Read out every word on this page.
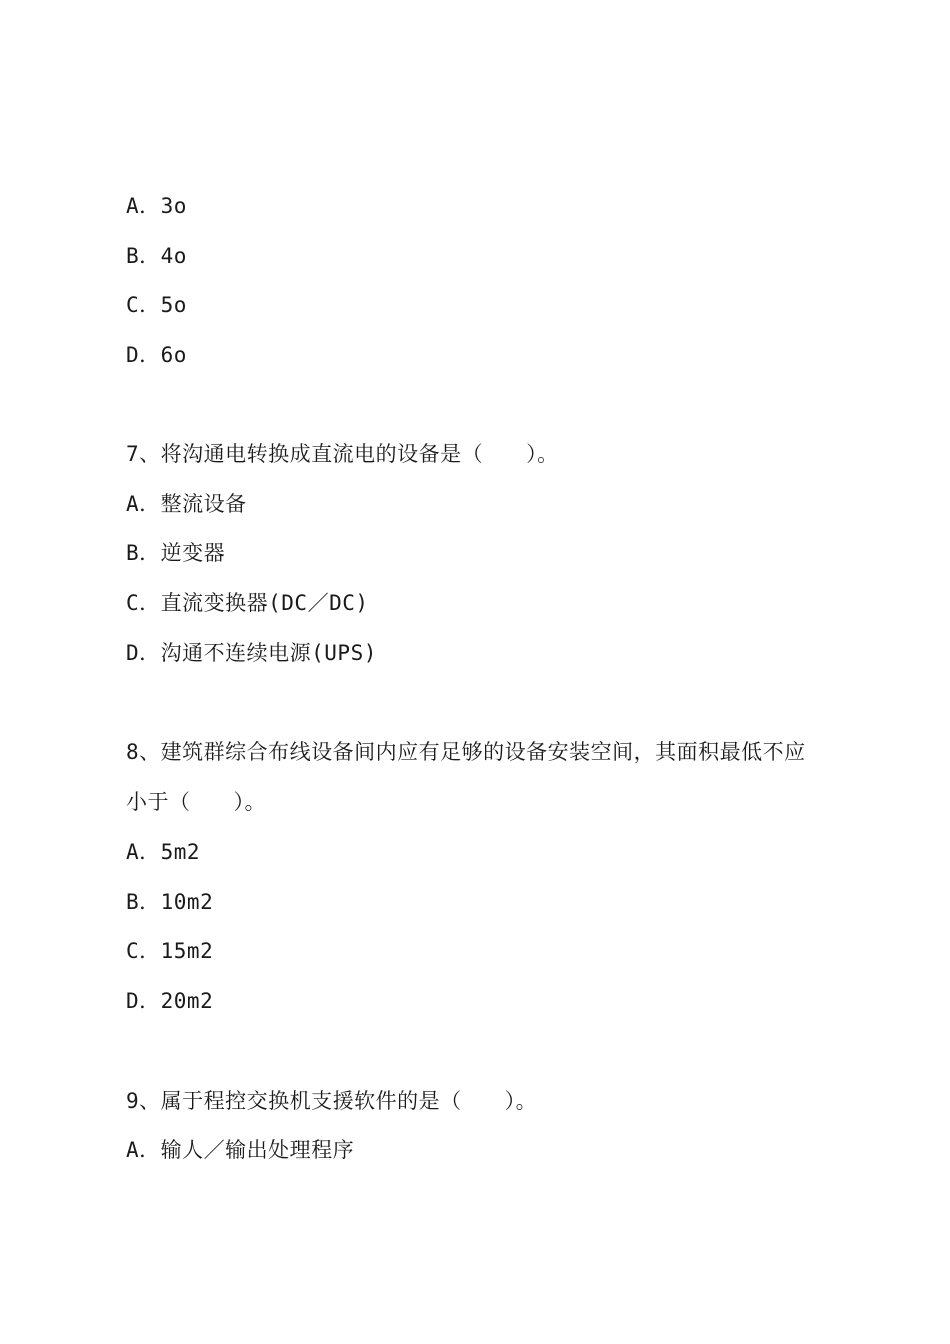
A．3o
B．4o
C．5o
D．6o
7、将沟通电转换成直流电的设备是（　　）。
A．整流设备
B．逆变器
C．直流变换器(DC／DC)
D．沟通不连续电源(UPS)
8、建筑群综合布线设备间内应有足够的设备安装空间，其面积最低不应
小于（　　）。
A．5m2
B．10m2
C．15m2
D．20m2
9、属于程控交换机支援软件的是（　　）。
A．输人／输出处理程序
